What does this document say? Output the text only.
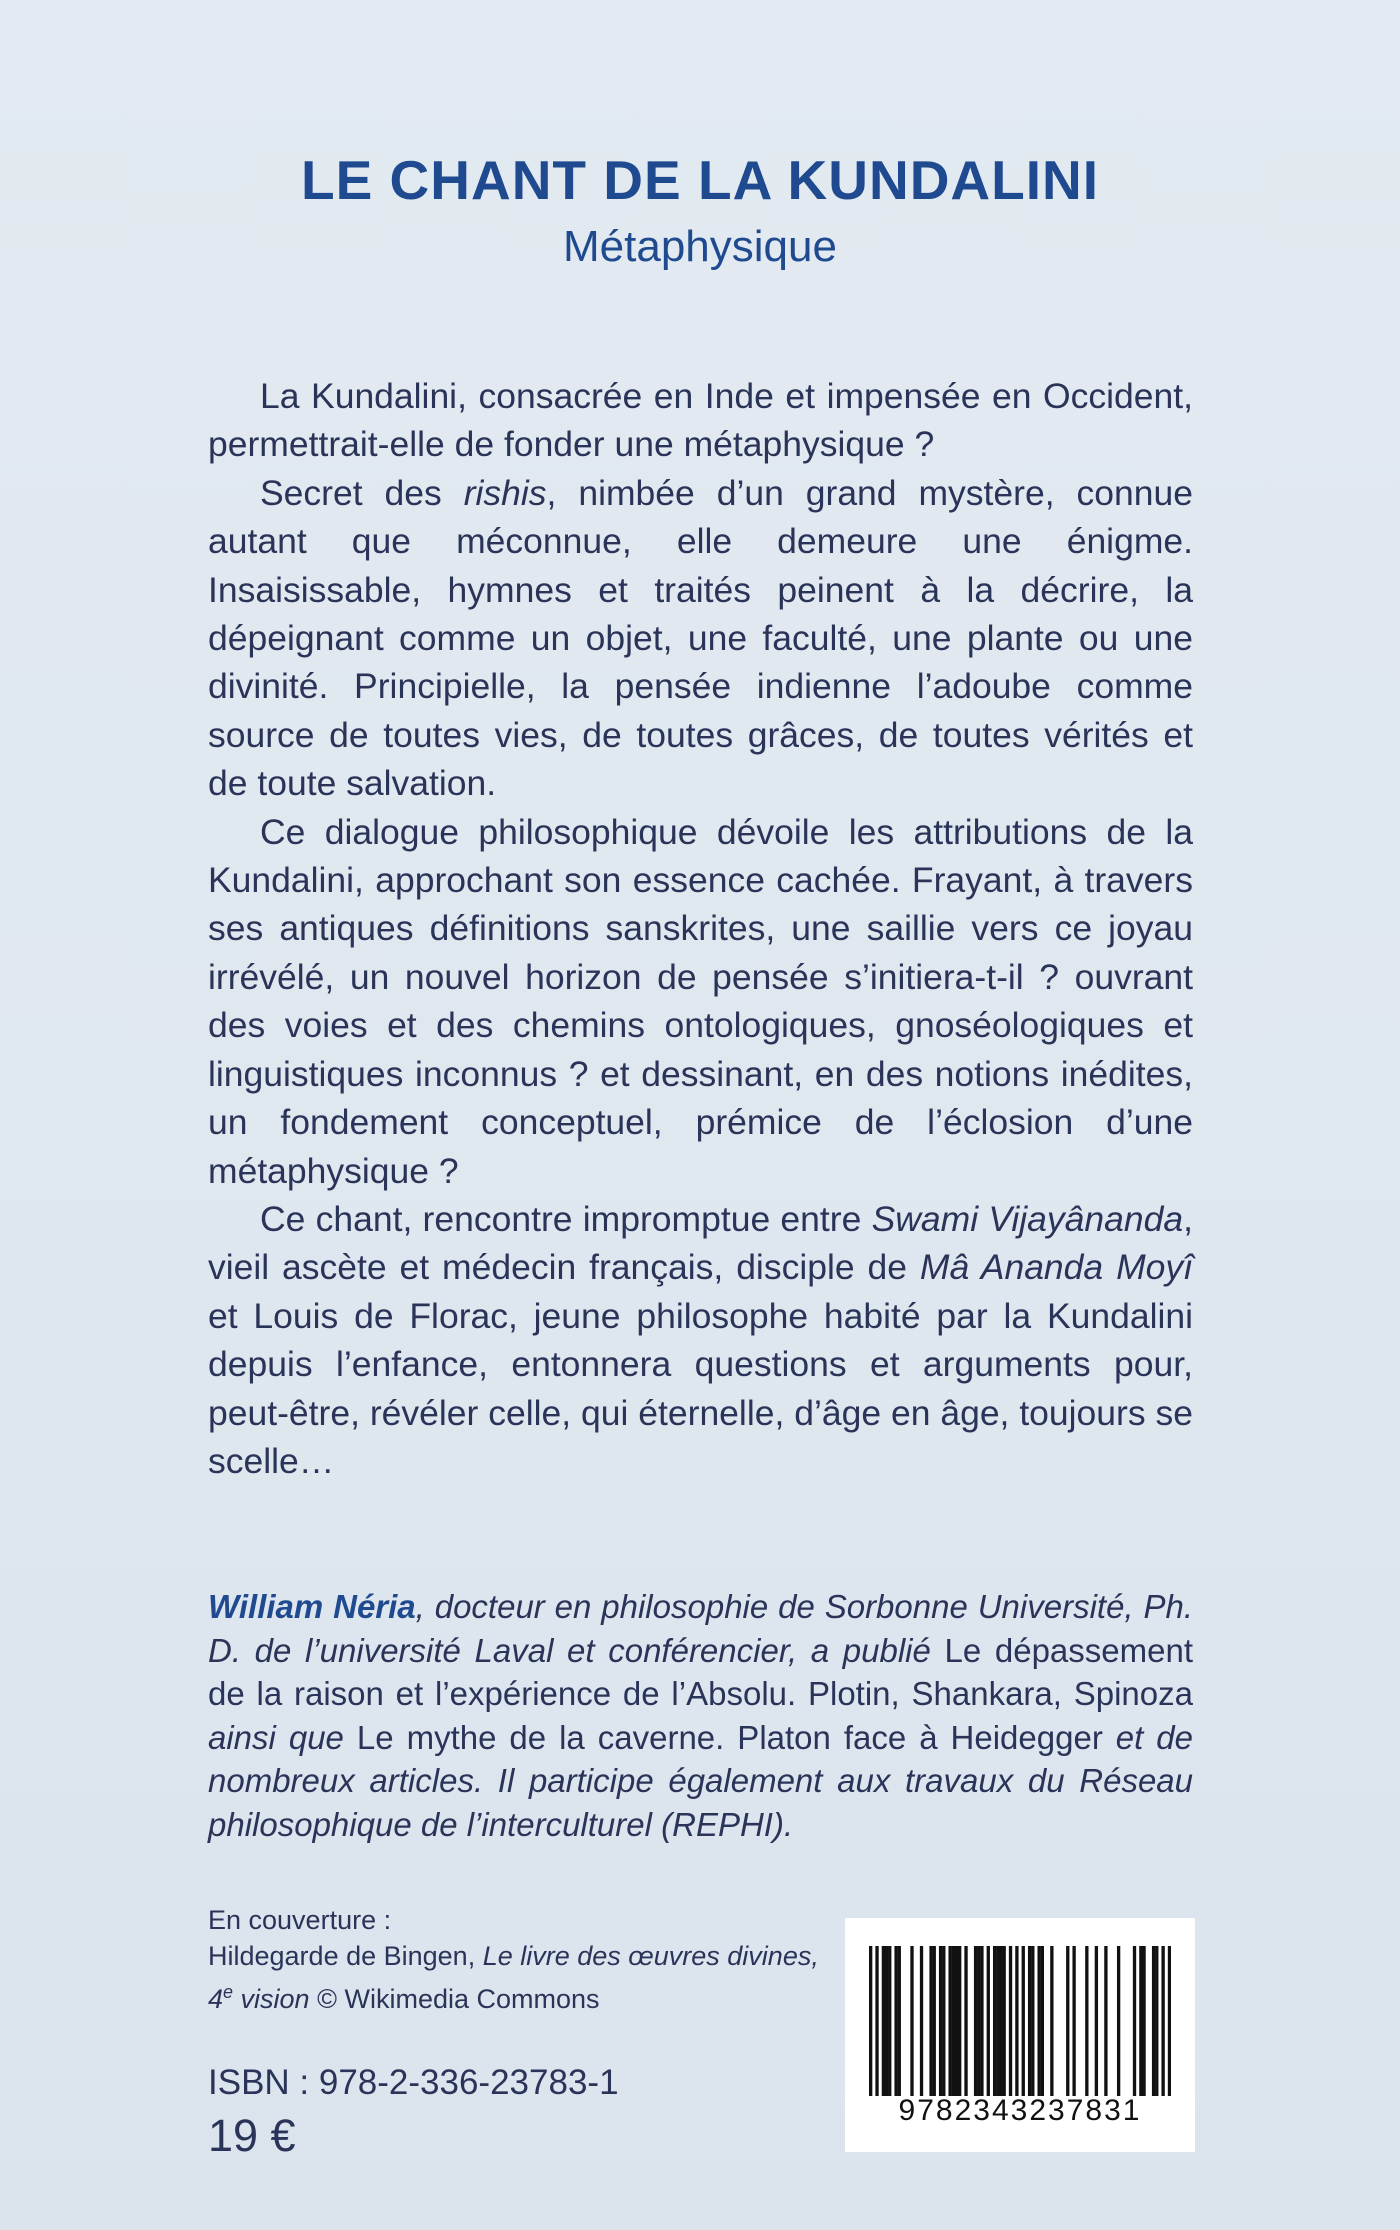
LE CHANT DE LA KUNDALINI
Métaphysique

La Kundalini, consacrée en Inde et impensée en Occident, permettrait-elle de fonder une métaphysique ?

Secret des rishis, nimbée d’un grand mystère, connue autant que méconnue, elle demeure une énigme. Insaisissable, hymnes et traités peinent à la décrire, la dépeignant comme un objet, une faculté, une plante ou une divinité. Principielle, la pensée indienne l’adoube comme source de toutes vies, de toutes grâces, de toutes vérités et de toute salvation.

Ce dialogue philosophique dévoile les attributions de la Kundalini, approchant son essence cachée. Frayant, à travers ses antiques définitions sanskrites, une saillie vers ce joyau irrévélé, un nouvel horizon de pensée s’initiera-t-il ? ouvrant des voies et des chemins ontologiques, gnoséologiques et linguistiques inconnus ? et dessinant, en des notions inédites, un fondement conceptuel, prémice de l’éclosion d’une métaphysique ?

Ce chant, rencontre impromptue entre Swami Vijayânanda, vieil ascète et médecin français, disciple de Mâ Ananda Moyî et Louis de Florac, jeune philosophe habité par la Kundalini depuis l’enfance, entonnera questions et arguments pour, peut-être, révéler celle, qui éternelle, d’âge en âge, toujours se scelle…

William Néria, docteur en philosophie de Sorbonne Université, Ph. D. de l’université Laval et conférencier, a publié Le dépassement de la raison et l’expérience de l’Absolu. Plotin, Shankara, Spinoza ainsi que Le mythe de la caverne. Platon face à Heidegger et de nombreux articles. Il participe également aux travaux du Réseau philosophique de l’interculturel (REPHI).

En couverture :
Hildegarde de Bingen, Le livre des œuvres divines,
4e vision © Wikimedia Commons
ISBN : 978-2-336-23783-1
19 €	9782343237831
